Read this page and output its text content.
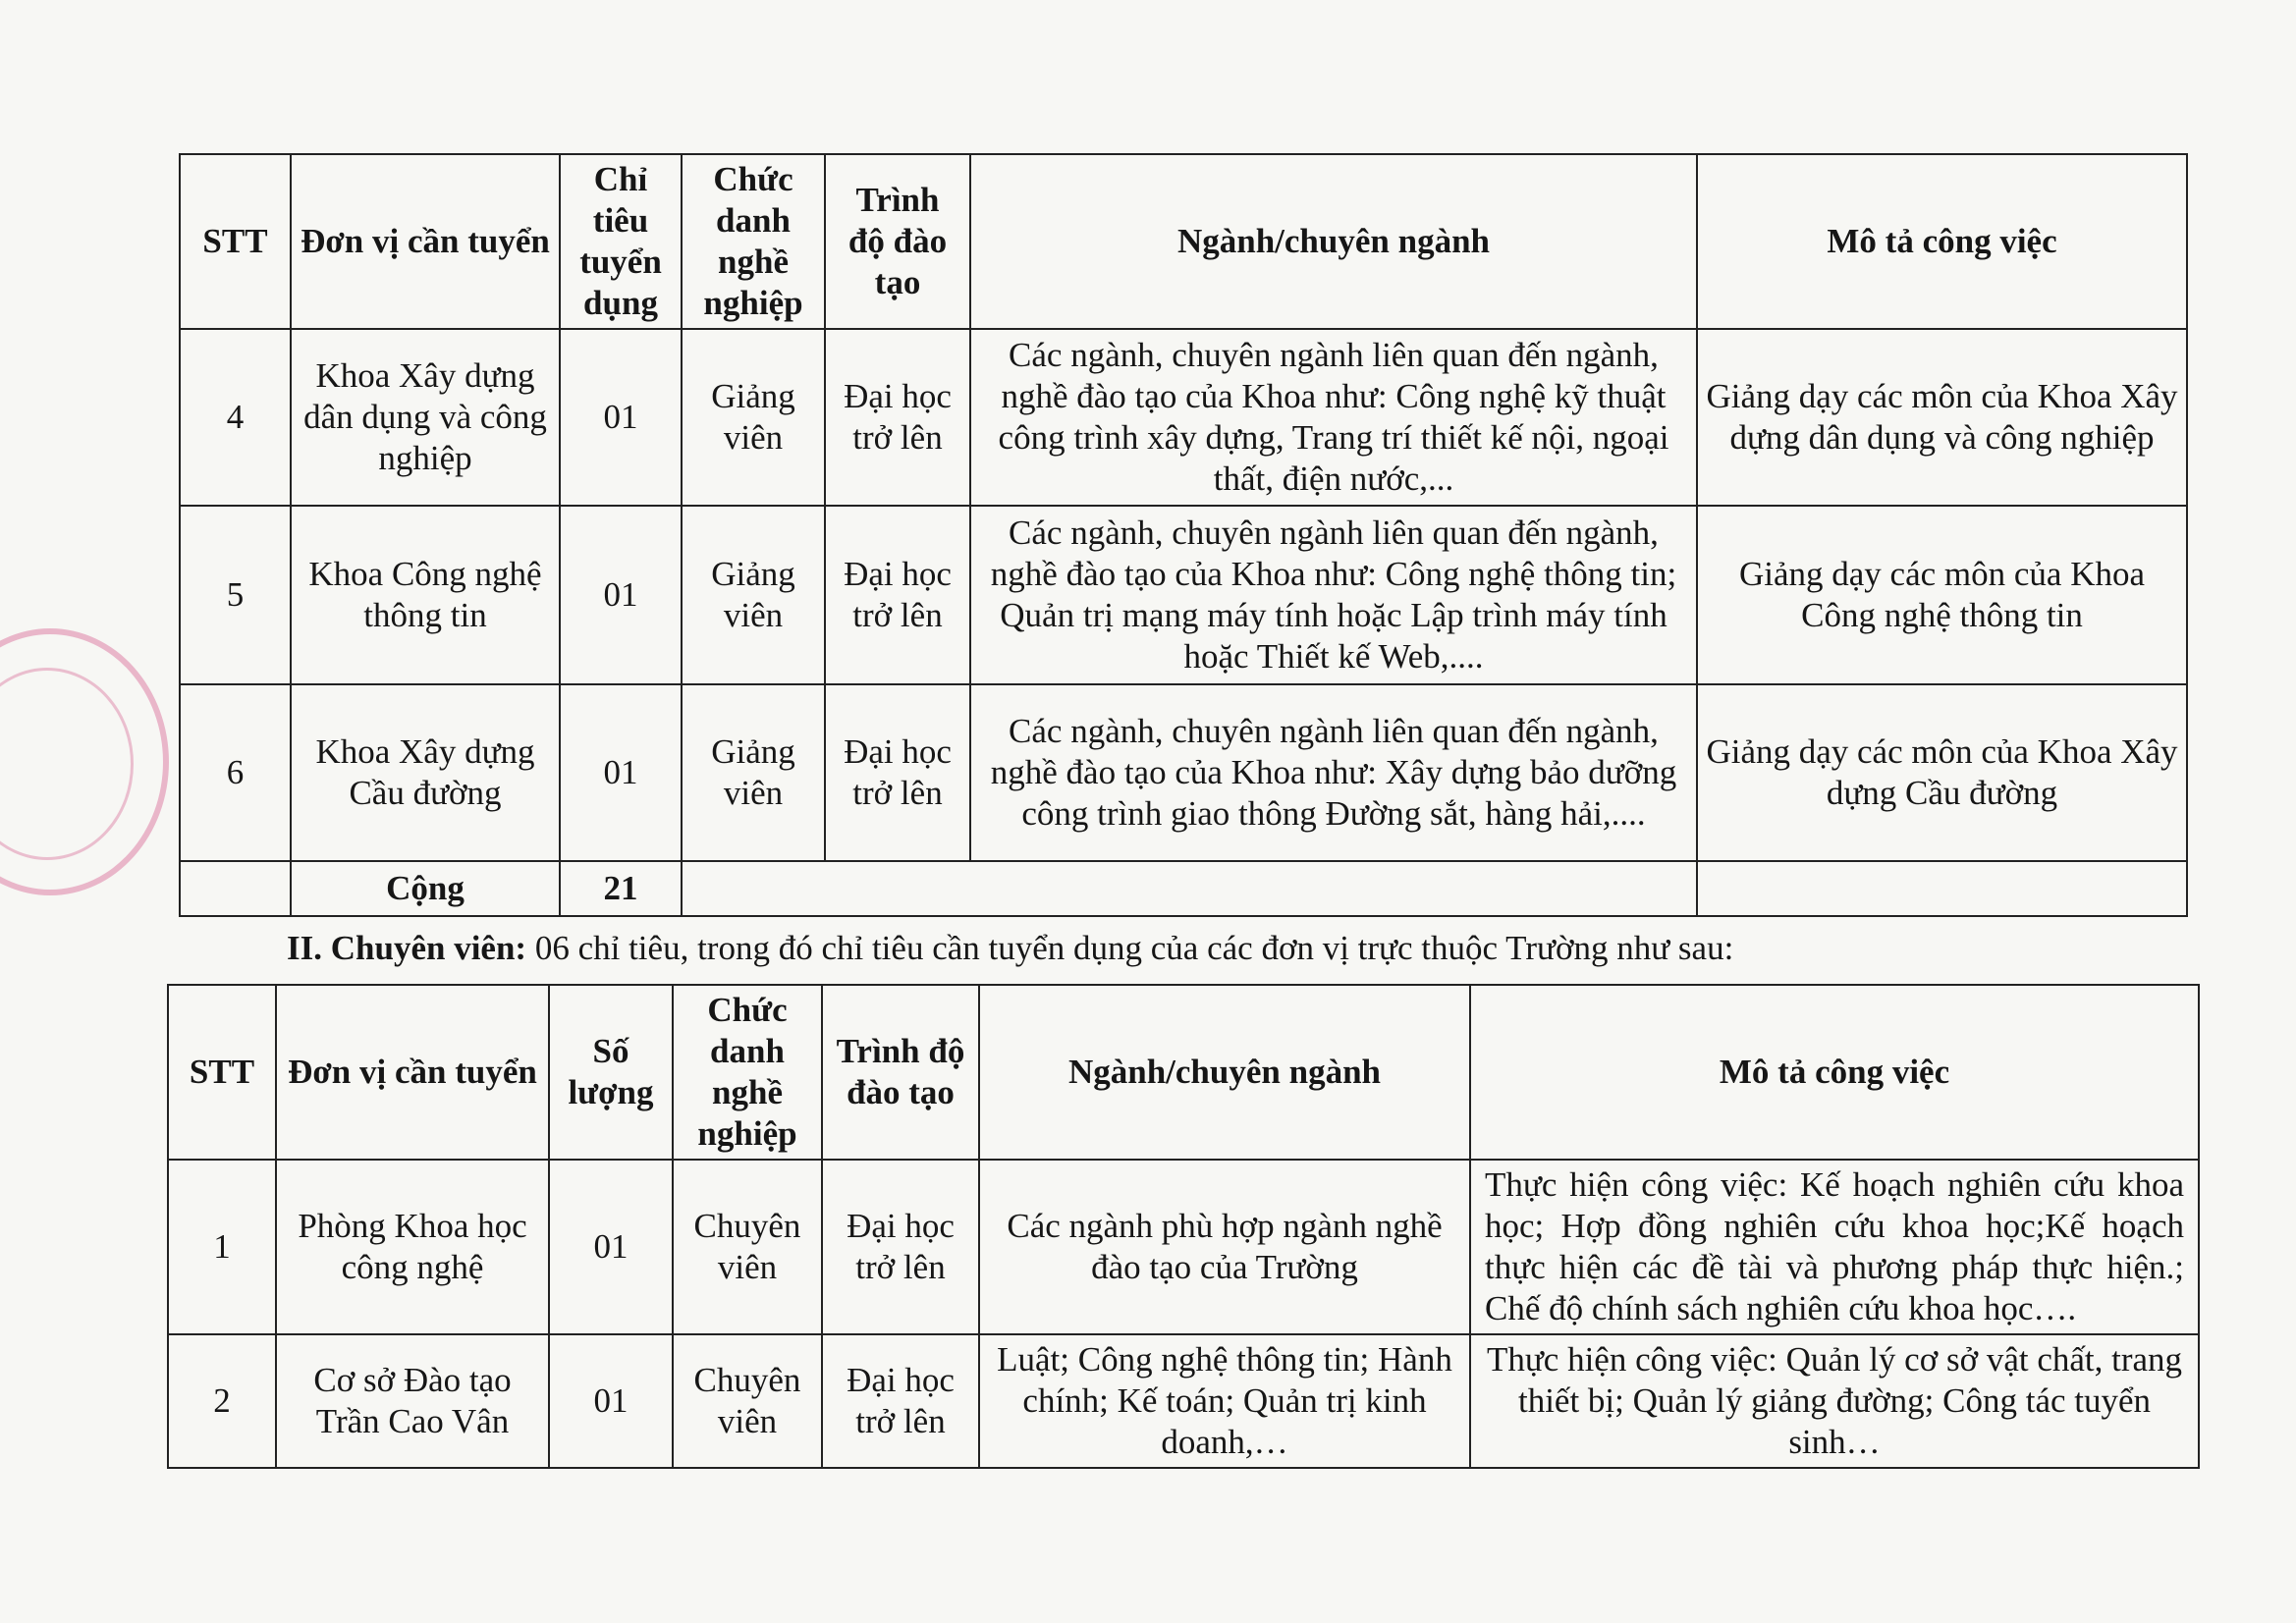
STT	Đơn vị cần tuyển	Chỉ tiêu tuyển dụng	Chức danh nghề nghiệp	Trình độ đào tạo	Ngành/chuyên ngành	Mô tả công việc
4	Khoa Xây dựng dân dụng và công nghiệp	01	Giảng viên	Đại học trở lên	Các ngành, chuyên ngành liên quan đến ngành, nghề đào tạo của Khoa như: Công nghệ kỹ thuật công trình xây dựng, Trang trí thiết kế nội, ngoại thất, điện nước,...	Giảng dạy các môn của Khoa Xây dựng dân dụng và công nghiệp
5	Khoa Công nghệ thông tin	01	Giảng viên	Đại học trở lên	Các ngành, chuyên ngành liên quan đến ngành, nghề đào tạo của Khoa như: Công nghệ thông tin; Quản trị mạng máy tính hoặc Lập trình máy tính hoặc Thiết kế Web,....	Giảng dạy các môn của Khoa Công nghệ thông tin
6	Khoa Xây dựng Cầu đường	01	Giảng viên	Đại học trở lên	Các ngành, chuyên ngành liên quan đến ngành, nghề đào tạo của Khoa như: Xây dựng bảo dưỡng công trình giao thông Đường sắt, hàng hải,....	Giảng dạy các môn của Khoa Xây dựng Cầu đường
	Cộng	21				

II. Chuyên viên: 06 chỉ tiêu, trong đó chỉ tiêu cần tuyển dụng của các đơn vị trực thuộc Trường như sau:

STT	Đơn vị cần tuyển	Số lượng	Chức danh nghề nghiệp	Trình độ đào tạo	Ngành/chuyên ngành	Mô tả công việc
1	Phòng Khoa học công nghệ	01	Chuyên viên	Đại học trở lên	Các ngành phù hợp ngành nghề đào tạo của Trường	Thực hiện công việc: Kế hoạch nghiên cứu khoa học; Hợp đồng nghiên cứu khoa học;Kế hoạch thực hiện các đề tài và phương pháp thực hiện.; Chế độ chính sách nghiên cứu khoa học….
2	Cơ sở Đào tạo Trần Cao Vân	01	Chuyên viên	Đại học trở lên	Luật; Công nghệ thông tin; Hành chính; Kế toán; Quản trị kinh doanh,…	Thực hiện công việc: Quản lý cơ sở vật chất, trang thiết bị; Quản lý giảng đường; Công tác tuyển sinh…
